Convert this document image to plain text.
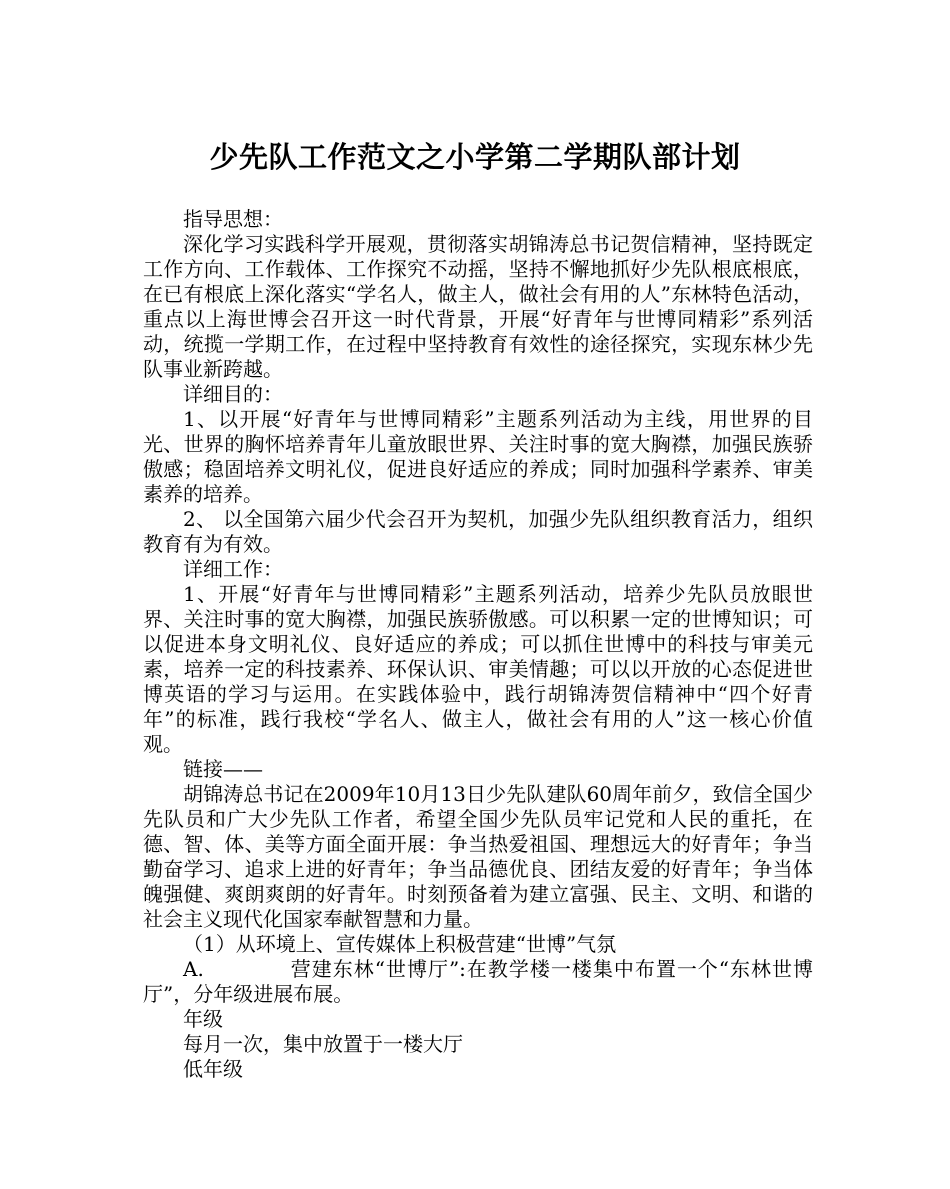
少先队工作范文之小学第二学期队部计划

指导思想：

深化学习实践科学开展观，贯彻落实胡锦涛总书记贺信精神，坚持既定工作方向、工作载体、工作探究不动摇，坚持不懈地抓好少先队根底根底，在已有根底上深化落实“学名人，做主人，做社会有用的人”东林特色活动，重点以上海世博会召开这一时代背景，开展“好青年与世博同精彩”系列活动，统揽一学期工作，在过程中坚持教育有效性的途径探究，实现东林少先队事业新跨越。

详细目的：

1、以开展“好青年与世博同精彩”主题系列活动为主线，用世界的目光、世界的胸怀培养青年儿童放眼世界、关注时事的宽大胸襟，加强民族骄傲感；稳固培养文明礼仪，促进良好适应的养成；同时加强科学素养、审美素养的培养。

2、 以全国第六届少代会召开为契机，加强少先队组织教育活力，组织教育有为有效。

详细工作：

1、开展“好青年与世博同精彩”主题系列活动，培养少先队员放眼世界、关注时事的宽大胸襟，加强民族骄傲感。可以积累一定的世博知识；可以促进本身文明礼仪、良好适应的养成；可以抓住世博中的科技与审美元素，培养一定的科技素养、环保认识、审美情趣；可以以开放的心态促进世博英语的学习与运用。在实践体验中，践行胡锦涛贺信精神中“四个好青年”的标准，践行我校“学名人、做主人，做社会有用的人”这一核心价值观。

链接——

胡锦涛总书记在2009年10月13日少先队建队60周年前夕，致信全国少先队员和广大少先队工作者，希望全国少先队员牢记党和人民的重托，在德、智、体、美等方面全面开展：争当热爱祖国、理想远大的好青年；争当勤奋学习、追求上进的好青年；争当品德优良、团结友爱的好青年；争当体魄强健、爽朗爽朗的好青年。时刻预备着为建立富强、民主、文明、和谐的社会主义现代化国家奉献智慧和力量。

（1）从环境上、宣传媒体上积极营建“世博”气氛

A.	营建东林“世博厅”:在教学楼一楼集中布置一个“东林世博厅”，分年级进展布展。

年级

每月一次，集中放置于一楼大厅

低年级
